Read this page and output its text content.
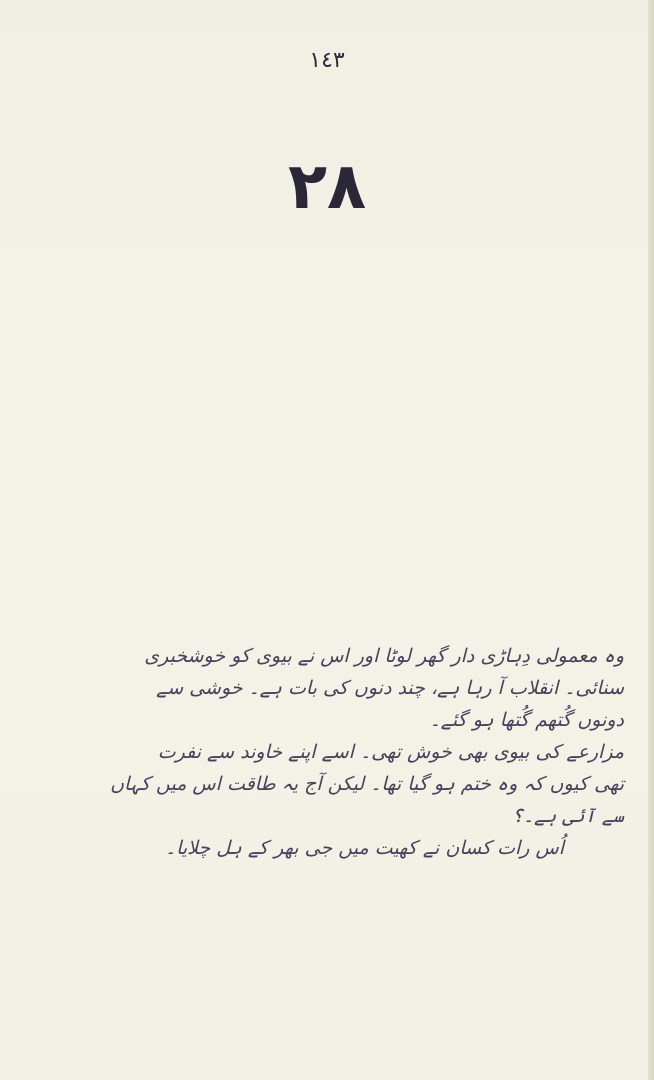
١٤٣
٢٨
وہ معمولی دِہاڑی دار گھر لوٹا اور اس نے بیوی کو خوشخبری
سنائی۔ انقلاب آ رہا ہے، چند دنوں کی بات ہے۔ خوشی سے
دونوں گُتھم گُتھا ہو گئے۔
مزارعے کی بیوی بھی خوش تھی۔ اسے اپنے خاوند سے نفرت
تھی کیوں کہ وہ ختم ہو گیا تھا۔ لیکن آج یہ طاقت اس میں کہاں
سے آئی ہے۔؟
اُس رات کسان نے کھیت میں جی بھر کے ہل چلایا۔
